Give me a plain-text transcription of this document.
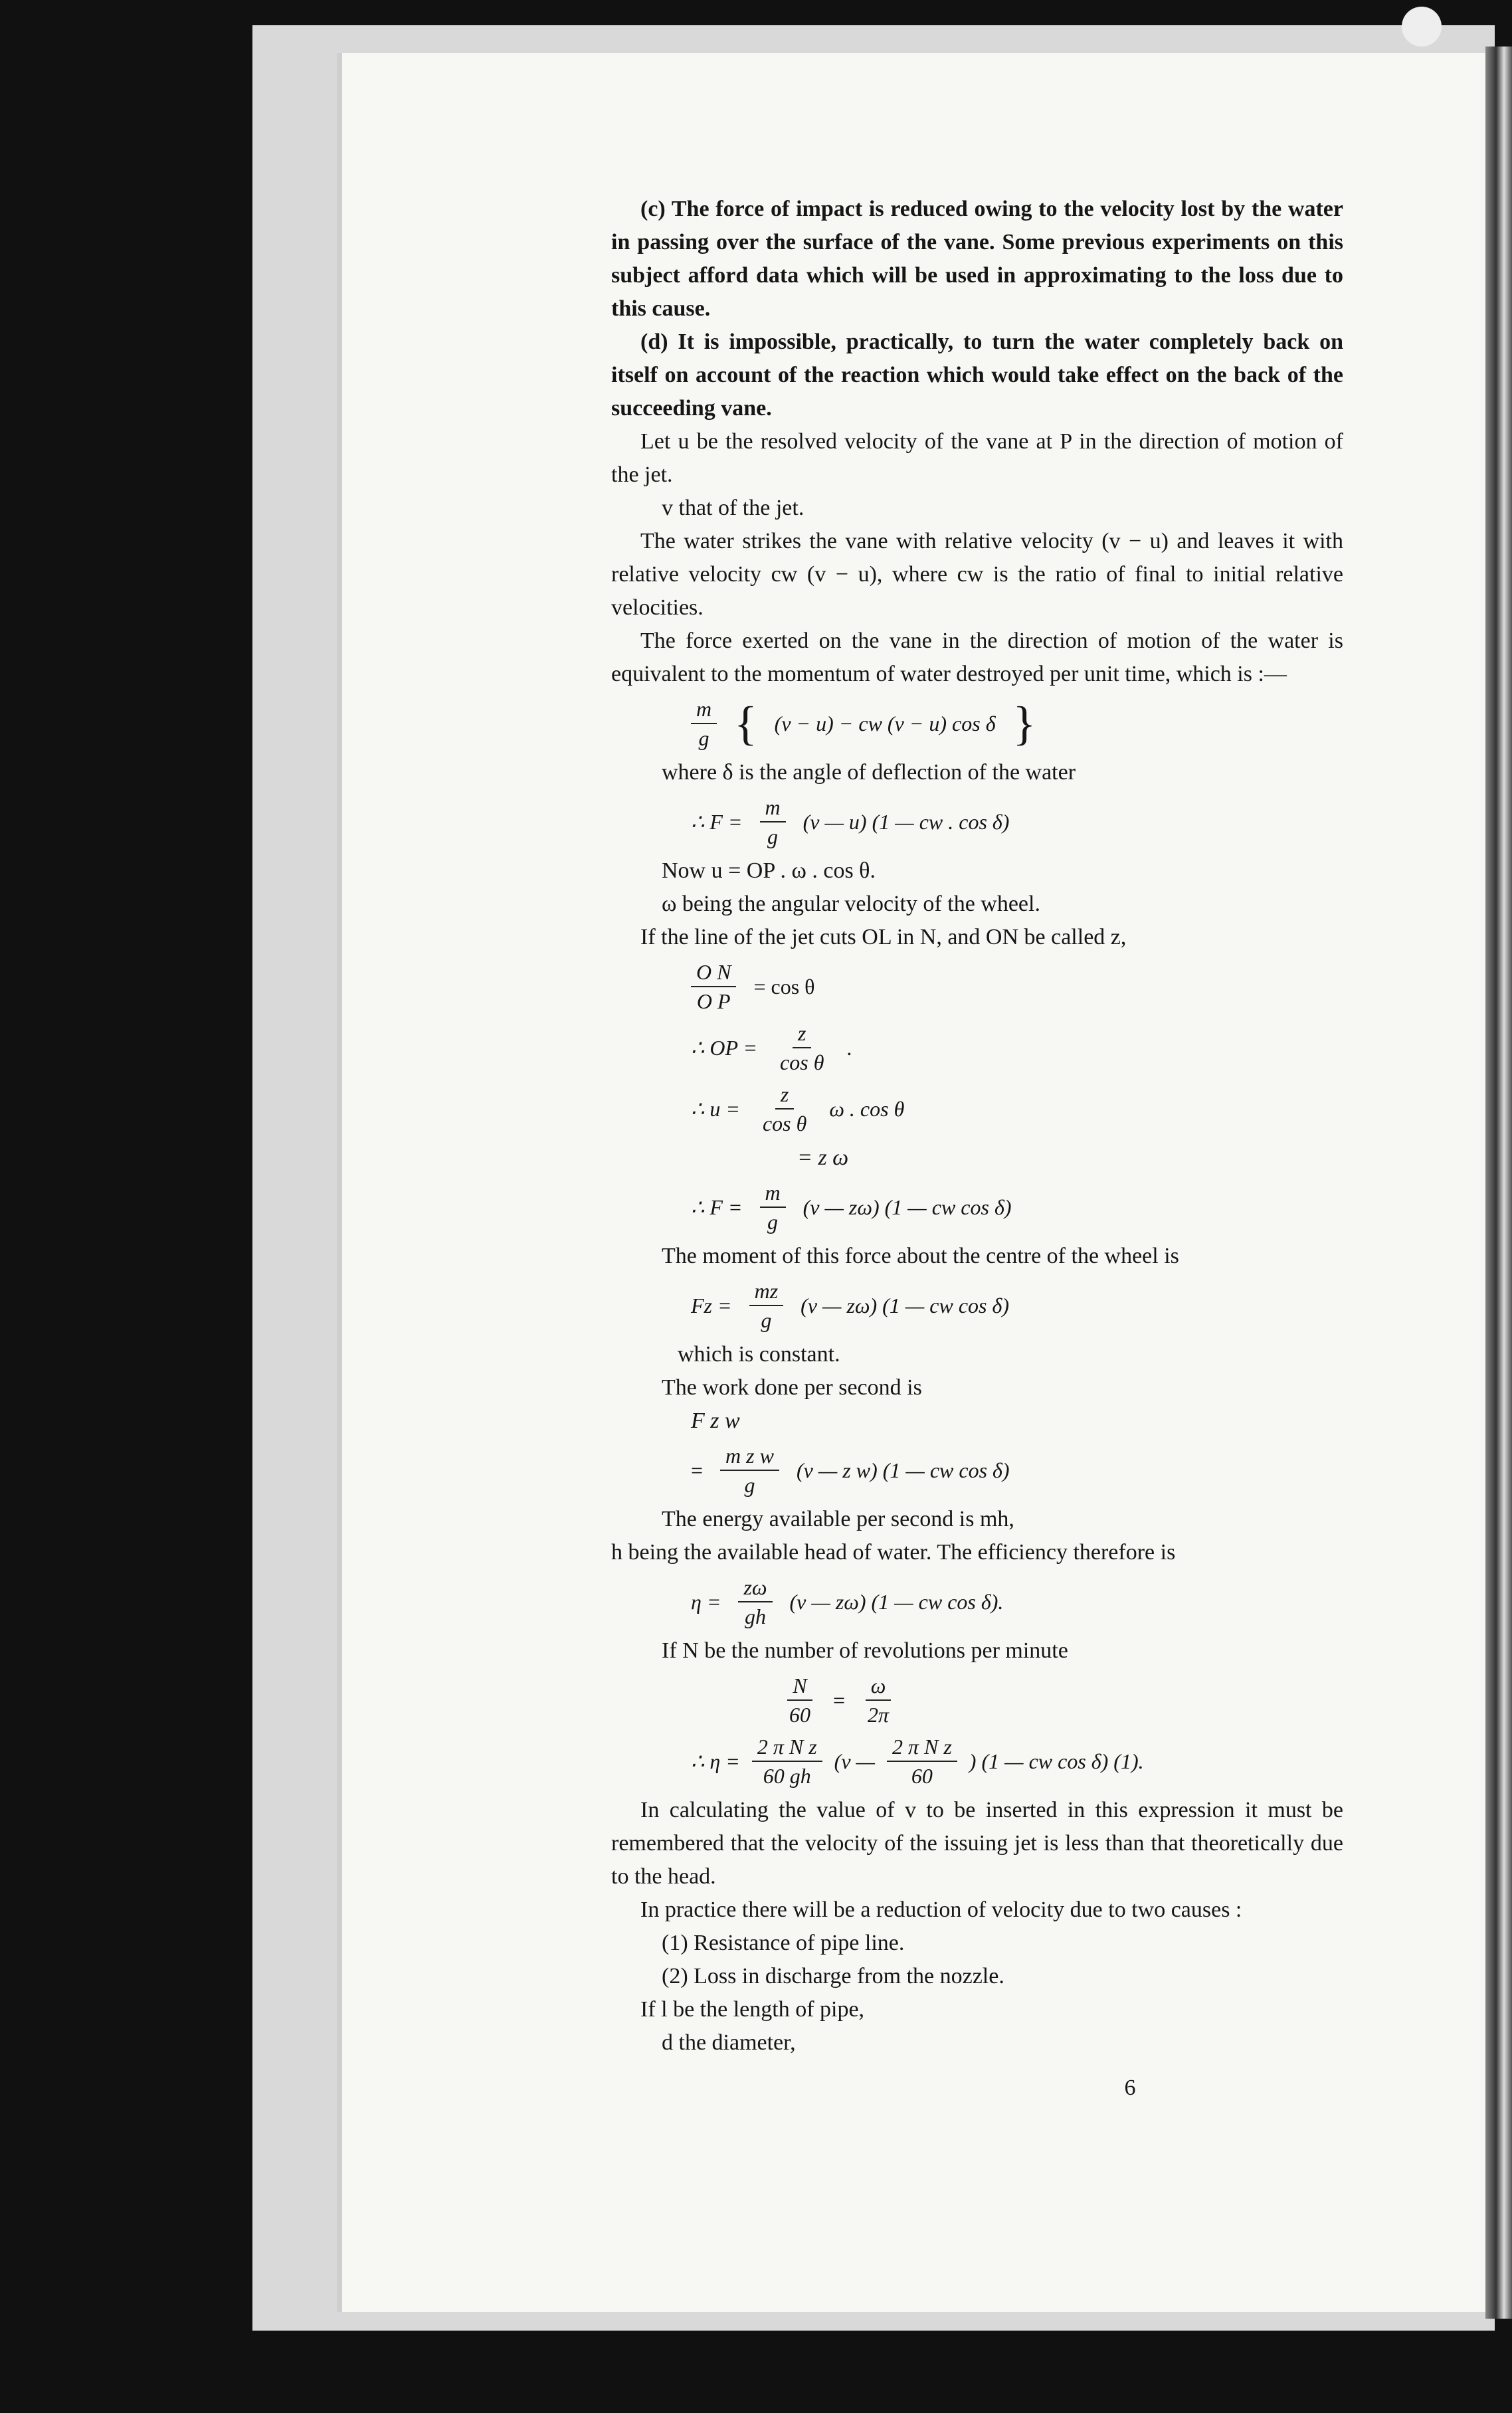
(c) The force of impact is reduced owing to the velocity lost by the water in passing over the surface of the vane. Some previous experiments on this subject afford data which will be used in approximating to the loss due to this cause.

(d) It is impossible, practically, to turn the water completely back on itself on account of the reaction which would take effect on the back of the succeeding vane.

Let u be the resolved velocity of the vane at P in the direction of motion of the jet.

v that of the jet.

The water strikes the vane with relative velocity (v − u) and leaves it with relative velocity cw (v − u), where cw is the ratio of final to initial relative velocities.

The force exerted on the vane in the direction of motion of the water is equivalent to the momentum of water destroyed per unit time, which is :—

$\frac{m}{g}$ { (v − u) − cw (v − u) cos δ }

where δ is the angle of deflection of the water

∴ $F = \frac{m}{g} (v$ — u) (1 — cw . cos δ)

Now u = OP . ω . cos θ.

ω being the angular velocity of the wheel.

If the line of the jet cuts OL in N, and ON be called z,

$\frac{\text{O N}}{\text{O P}} = \cos \theta$
∴ OP = $\frac{z}{\text{cos θ}}$ .
∴ $u = \frac{z}{\text{cos θ}}$ ω . cos θ

= z ω

∴ $F = \frac{m}{g} (v$ — zω) (1 — cw cos δ)

The moment of this force about the centre of the wheel is

$Fz = \frac{mz}{g} (v$ — zω) (1 — cw cos δ)

which is constant.

The work done per second is

F z w

= $\frac{\text{m z w}}{g} (v$ — z w) (1 — cw cos δ)

The energy available per second is mh,

h being the available head of water. The efficiency therefore is

$\eta = \frac{z\omega}{gh} (v$ — zω) (1 — cw cos δ).

If N be the number of revolutions per minute

$\frac{N}{60} = \frac{\omega}{2\pi}$
∴ $\eta = \frac{\text{2 π N z}}{60 gh} (v$ — $\frac{\text{2 π N z}}{60}$ ) (1 — cw cos δ) (1).

In calculating the value of v to be inserted in this expression it must be remembered that the velocity of the issuing jet is less than that theoretically due to the head.

In practice there will be a reduction of velocity due to two causes :

(1) Resistance of pipe line.

(2) Loss in discharge from the nozzle.

If l be the length of pipe,

d the diameter,

6
